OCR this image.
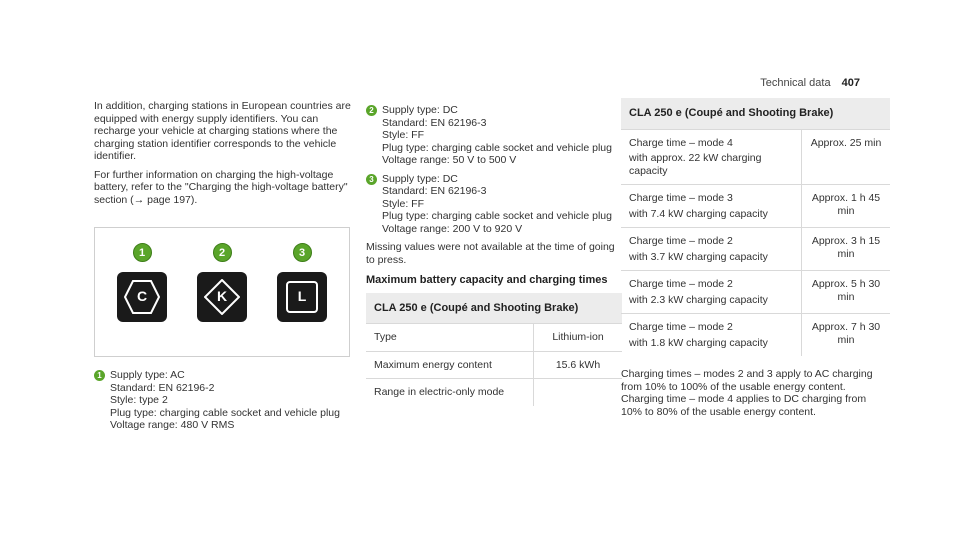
Technical data 407

In addition, charging stations in European countries are equipped with energy supply identifiers. You can recharge your vehicle at charging stations where the charging station identifier corresponds to the vehicle identifier.

For further information on charging the high-voltage battery, refer to the "Charging the high-voltage battery" section (→ page 197).

1
C
2
K
3
L
1 Supply type: AC
Standard: EN 62196-2
Style: type 2
Plug type: charging cable socket and vehicle plug
Voltage range: 480 V RMS
2 Supply type: DC
Standard: EN 62196-3
Style: FF
Plug type: charging cable socket and vehicle plug
Voltage range: 50 V to 500 V
3 Supply type: DC
Standard: EN 62196-3
Style: FF
Plug type: charging cable socket and vehicle plug
Voltage range: 200 V to 920 V

Missing values were not available at the time of going to press.

Maximum battery capacity and charging times
CLA 250 e (Coupé and Shooting Brake)	
Type	Lithium-ion
Maximum energy content	15.6 kWh
Range in electric-only mode	
CLA 250 e (Coupé and Shooting Brake)	

Charge time – mode 4
with approx. 22 kW charging capacity	Approx. 25 min

Charge time – mode 3
with 7.4 kW charging capacity	Approx. 1 h 45 min

Charge time – mode 2
with 3.7 kW charging capacity	Approx. 3 h 15 min

Charge time – mode 2
with 2.3 kW charging capacity	Approx. 5 h 30 min

Charge time – mode 2
with 1.8 kW charging capacity	Approx. 7 h 30 min

Charging times – modes 2 and 3 apply to AC charging from 10% to 100% of the usable energy content. Charging time – mode 4 applies to DC charging from 10% to 80% of the usable energy content.
